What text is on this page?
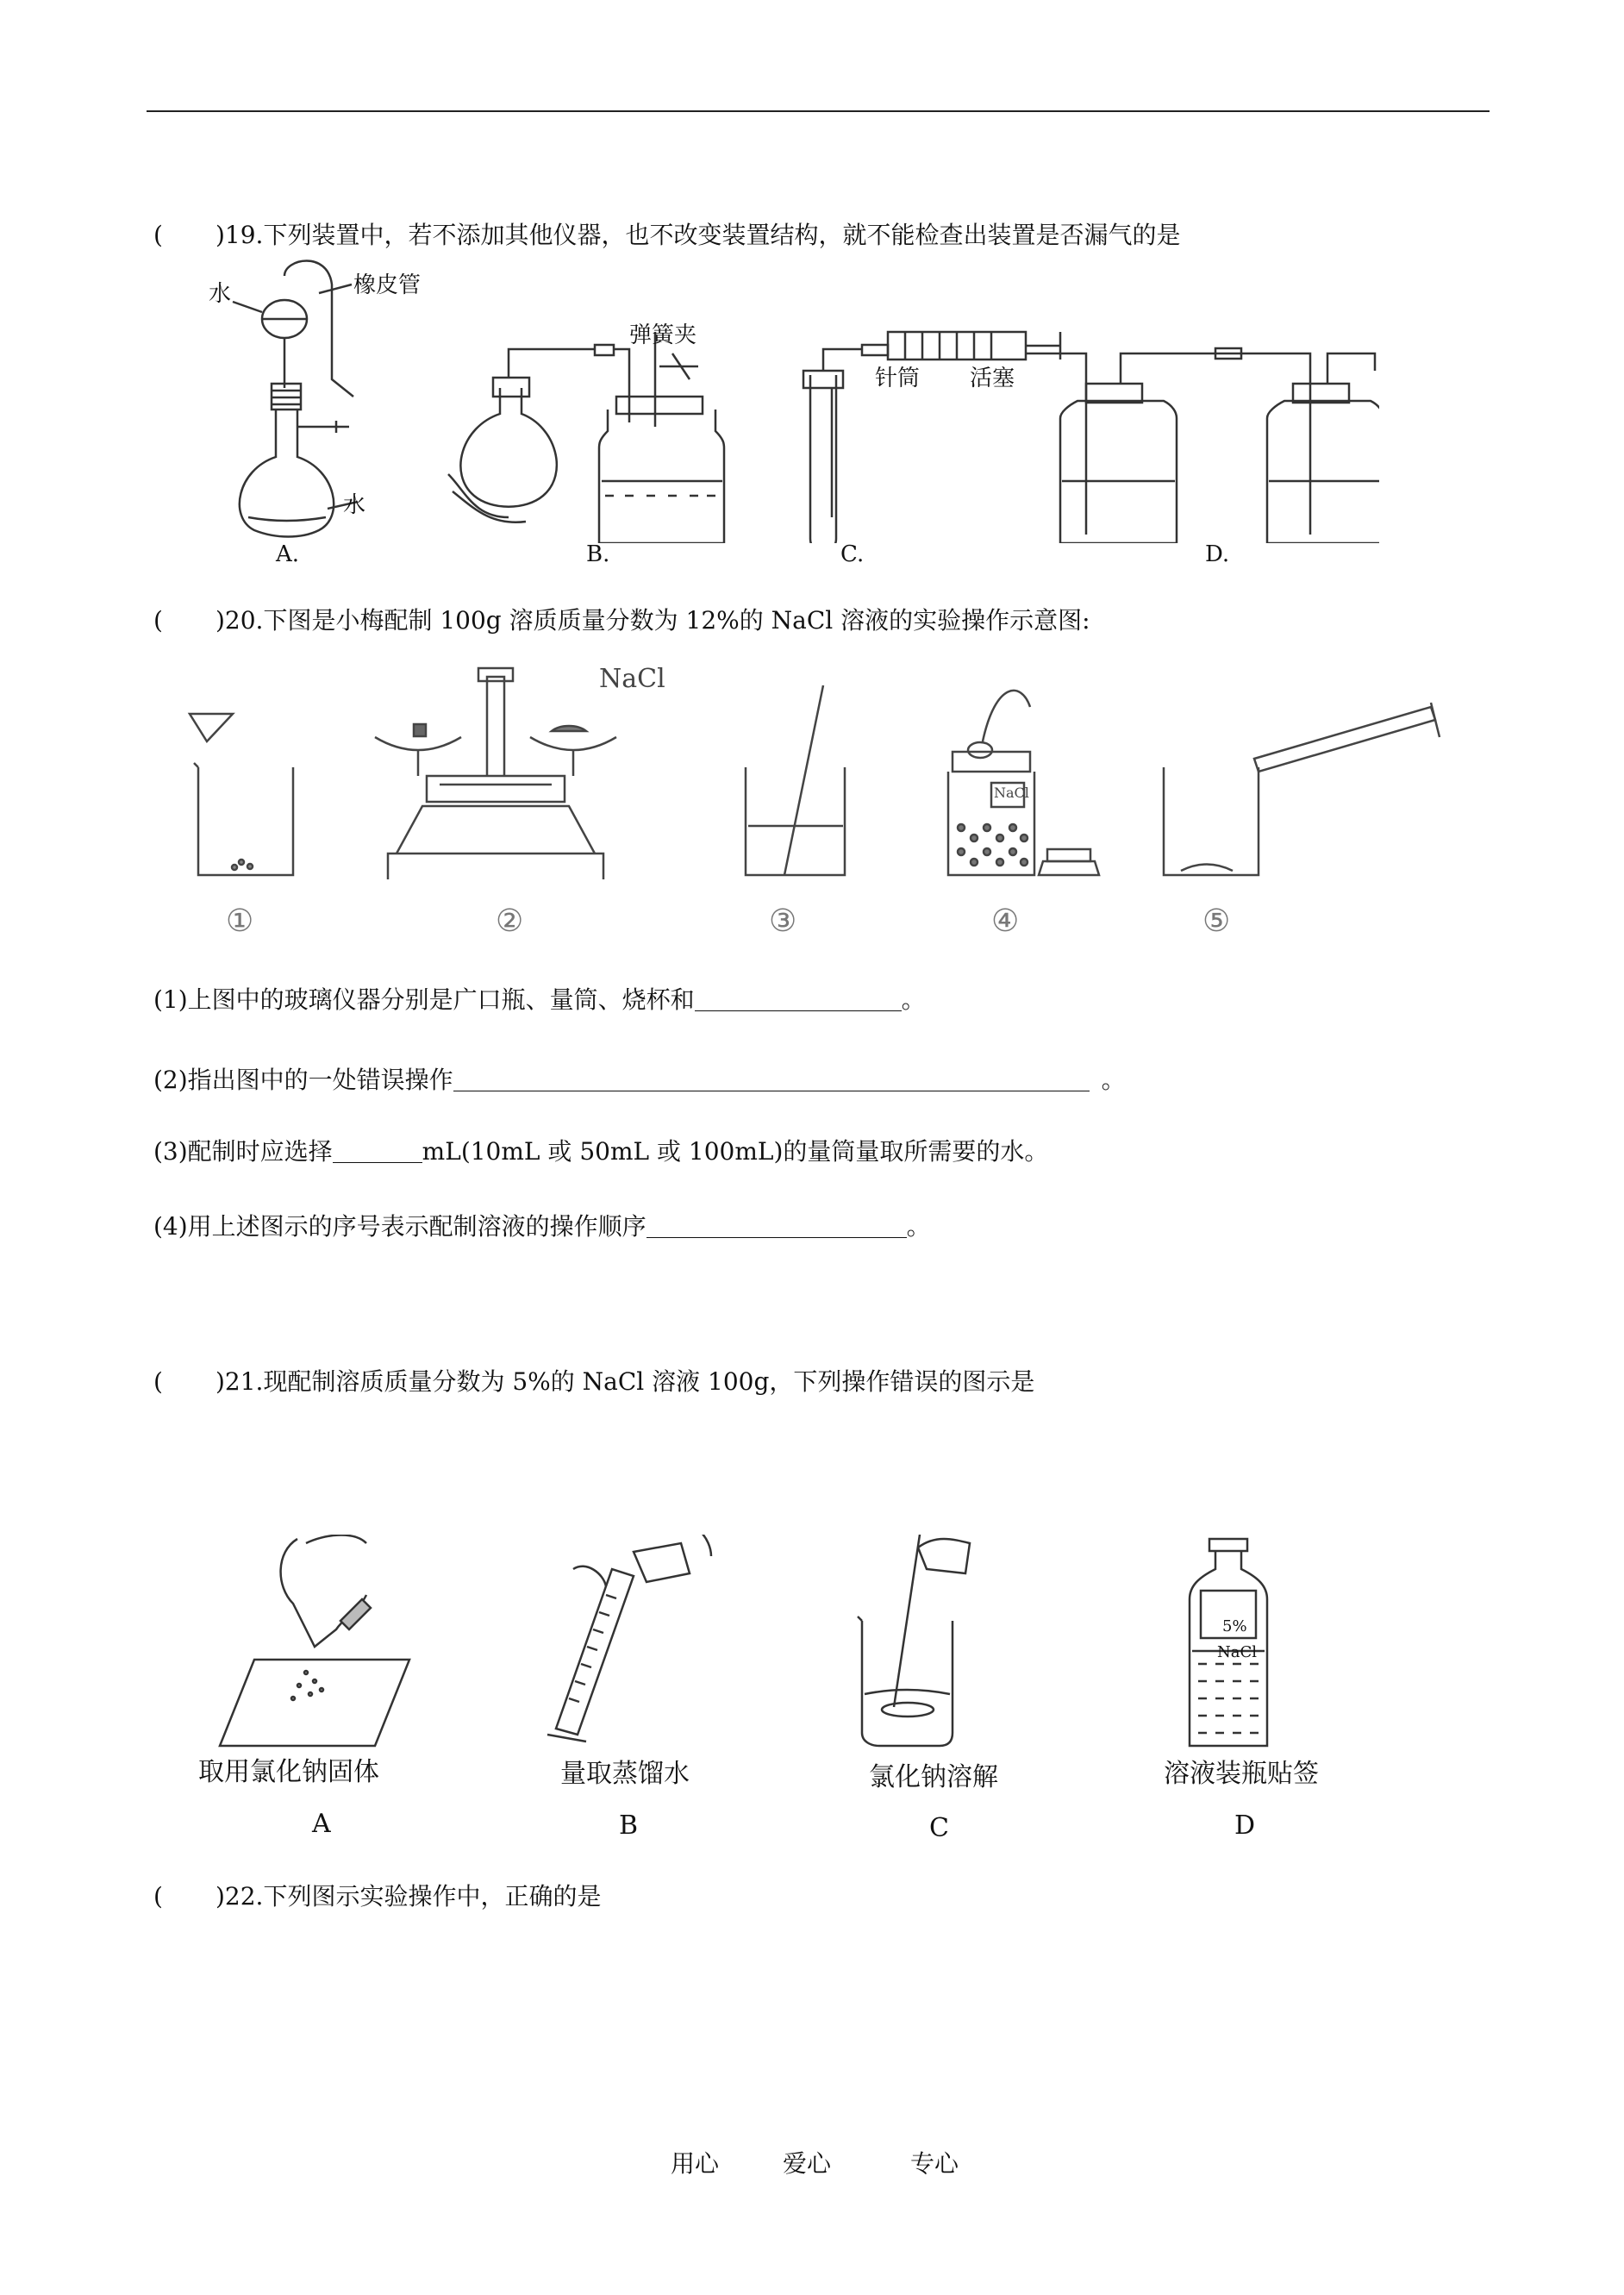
( )19.下列装置中，若不添加其他仪器，也不改变装置结构，就不能检查出装置是否漏气的是
水	橡皮管
水
弹簧夹
针筒 活塞
A.	B.	C.	D.
( )20.下图是小梅配制 100g 溶质质量分数为 12%的 NaCl 溶液的实验操作示意图:
NaCl
NaCl
①	②	③	④	⑤
(1)上图中的玻璃仪器分别是广口瓶、量筒、烧杯和	。
(2)指出图中的一处错误操作	。
(3)配制时应选择	mL(10mL 或 50mL 或 100mL)的量筒量取所需要的水。
(4)用上述图示的序号表示配制溶液的操作顺序	。
( )21.现配制溶质质量分数为 5%的 NaCl 溶液 100g，下列操作错误的图示是
5%
NaCl
取用氯化钠固体	量取蒸馏水	氯化钠溶解	溶液装瓶贴签
A	B	C	D
( )22.下列图示实验操作中，正确的是
用心	爱心	专心
